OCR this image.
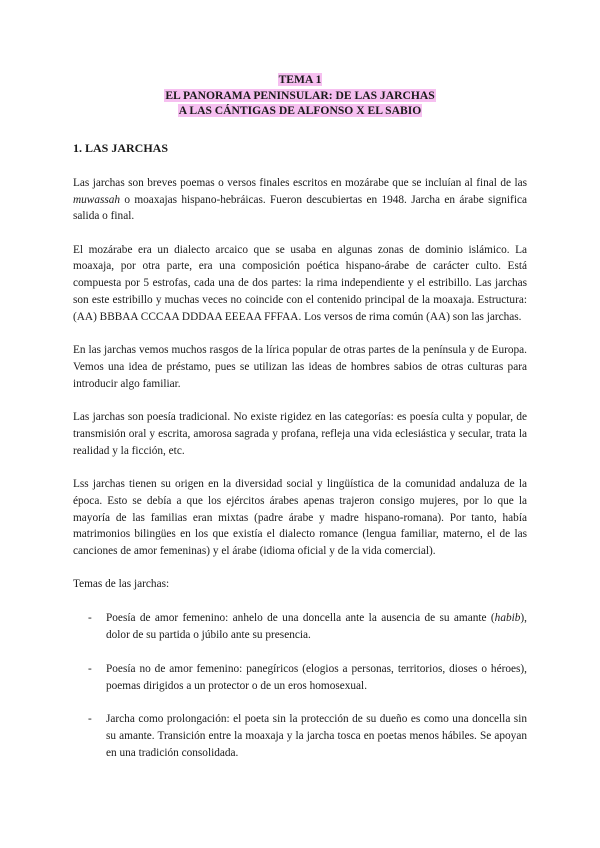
TEMA 1
EL PANORAMA PENINSULAR: DE LAS JARCHAS
A LAS CÁNTIGAS DE ALFONSO X EL SABIO
1. LAS JARCHAS

Las jarchas son breves poemas o versos finales escritos en mozárabe que se incluían al final de las muwassah o moaxajas hispano-hebráicas. Fueron descubiertas en 1948. Jarcha en árabe significa salida o final.

El mozárabe era un dialecto arcaico que se usaba en algunas zonas de dominio islámico. La moaxaja, por otra parte, era una composición poética hispano-árabe de carácter culto. Está compuesta por 5 estrofas, cada una de dos partes: la rima independiente y el estribillo. Las jarchas son este estribillo y muchas veces no coincide con el contenido principal de la moaxaja. Estructura: (AA) BBBAA CCCAA DDDAA EEEAA FFFAA. Los versos de rima común (AA) son las jarchas.

En las jarchas vemos muchos rasgos de la lírica popular de otras partes de la península y de Europa. Vemos una idea de préstamo, pues se utilizan las ideas de hombres sabios de otras culturas para introducir algo familiar.

Las jarchas son poesía tradicional. No existe rigidez en las categorías: es poesía culta y popular, de transmisión oral y escrita, amorosa sagrada y profana, refleja una vida eclesiástica y secular, trata la realidad y la ficción, etc.

Lss jarchas tienen su origen en la diversidad social y lingüística de la comunidad andaluza de la época. Esto se debía a que los ejércitos árabes apenas trajeron consigo mujeres, por lo que la mayoría de las familias eran mixtas (padre árabe y madre hispano-romana). Por tanto, había matrimonios bilingües en los que existía el dialecto romance (lengua familiar, materno, el de las canciones de amor femeninas) y el árabe (idioma oficial y de la vida comercial).

Temas de las jarchas:
- Poesía de amor femenino: anhelo de una doncella ante la ausencia de su amante (habib), dolor de su partida o júbilo ante su presencia.
- Poesía no de amor femenino: panegíricos (elogios a personas, territorios, dioses o héroes), poemas dirigidos a un protector o de un eros homosexual.
- Jarcha como prolongación: el poeta sin la protección de su dueño es como una doncella sin su amante. Transición entre la moaxaja y la jarcha tosca en poetas menos hábiles. Se apoyan en una tradición consolidada.
